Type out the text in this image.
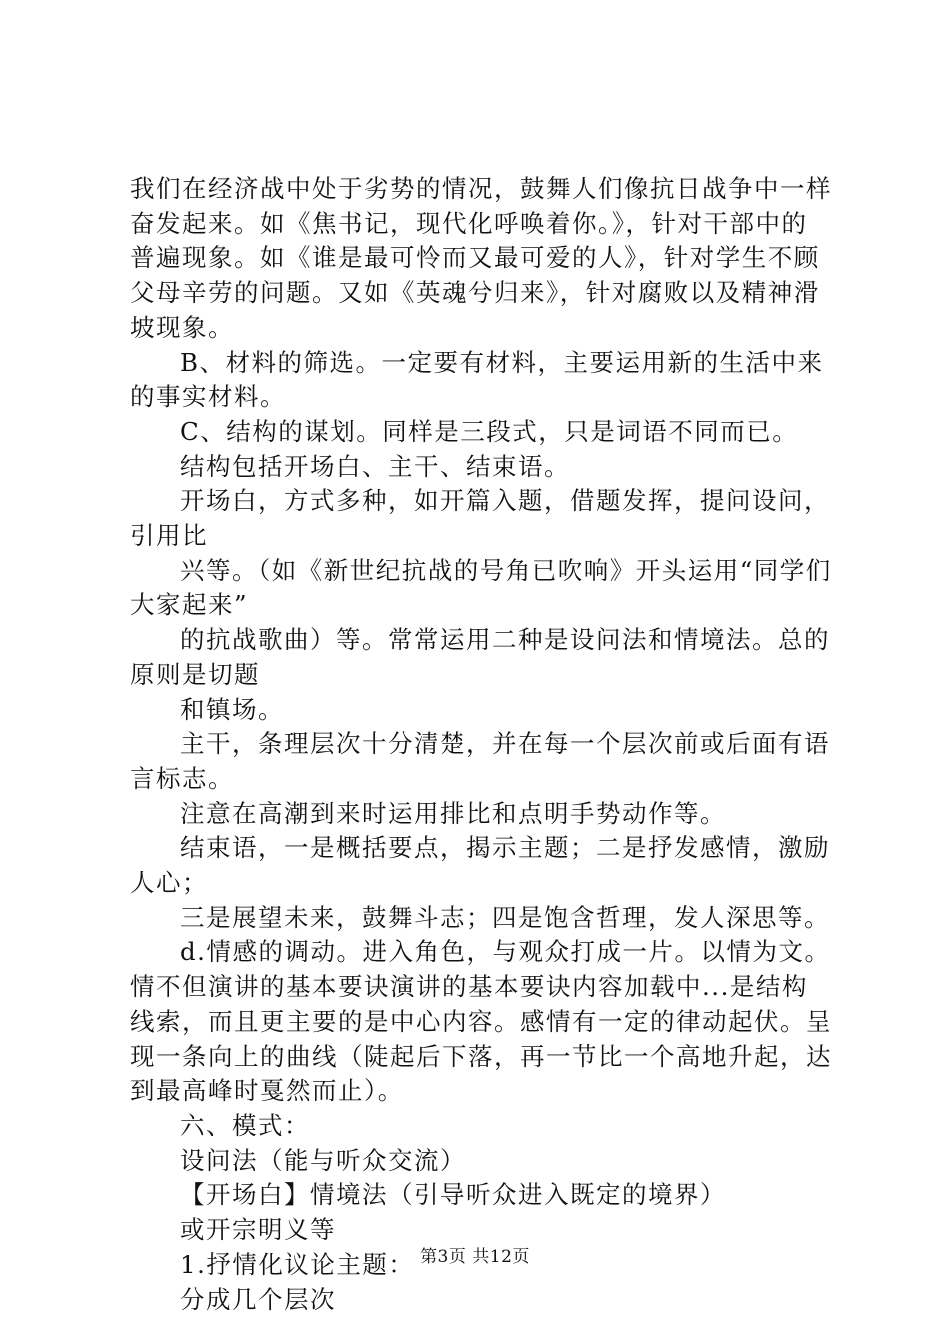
我们在经济战中处于劣势的情况，鼓舞人们像抗日战争中一样奋发起来。如《焦书记，现代化呼唤着你。》，针对干部中的普遍现象。如《谁是最可怜而又最可爱的人》，针对学生不顾父母辛劳的问题。又如《英魂兮归来》，针对腐败以及精神滑坡现象。

B、材料的筛选。一定要有材料，主要运用新的生活中来的事实材料。

C、结构的谋划。同样是三段式，只是词语不同而已。

结构包括开场白、主干、结束语。

开场白，方式多种，如开篇入题，借题发挥，提问设问，引用比

兴等。（如《新世纪抗战的号角已吹响》开头运用“同学们大家起来”

的抗战歌曲）等。常常运用二种是设问法和情境法。总的原则是切题

和镇场。

主干，条理层次十分清楚，并在每一个层次前或后面有语言标志。

注意在高潮到来时运用排比和点明手势动作等。

结束语，一是概括要点，揭示主题；二是抒发感情，激励人心；

三是展望未来，鼓舞斗志；四是饱含哲理，发人深思等。

d.情感的调动。进入角色，与观众打成一片。以情为文。情不但演讲的基本要诀演讲的基本要诀内容加载中...是结构线索，而且更主要的是中心内容。感情有一定的律动起伏。呈现一条向上的曲线（陡起后下落，再一节比一个高地升起，达到最高峰时戛然而止）。

六、模式：

设问法（能与听众交流）

【开场白】情境法（引导听众进入既定的境界）

或开宗明义等

1.抒情化议论主题：

分成几个层次

第3页 共12页
